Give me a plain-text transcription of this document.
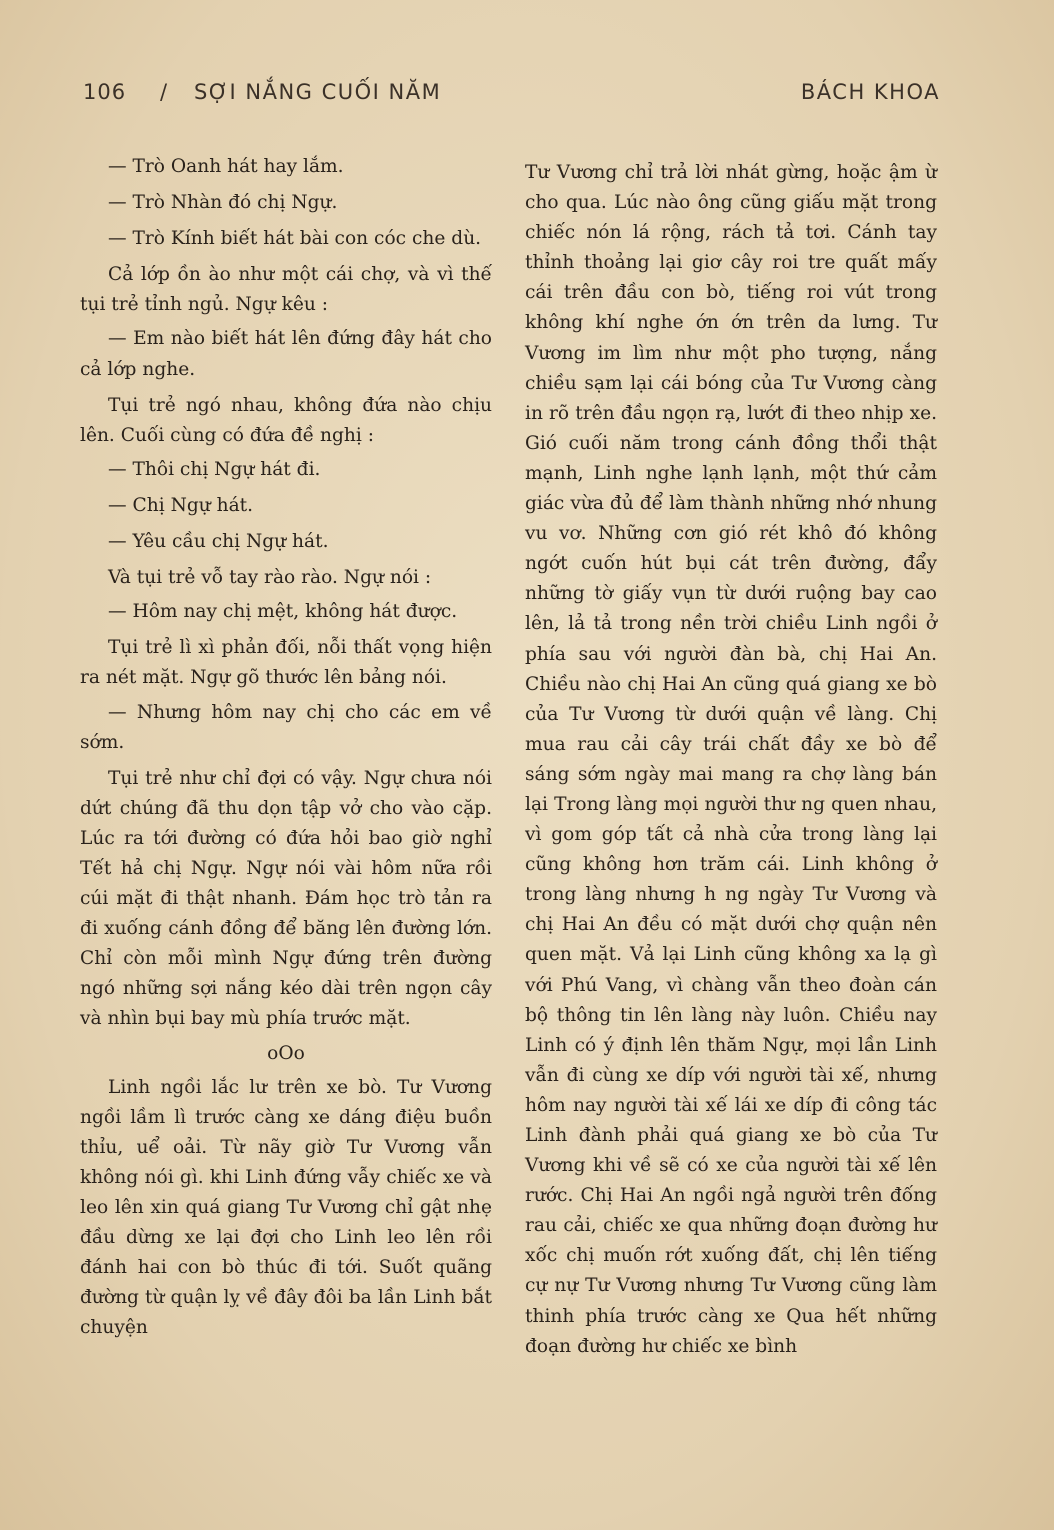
106 / SỢI NẮNG CUỐI NĂM	BÁCH KHOA

— Trò Oanh hát hay lắm.

— Trò Nhàn đó chị Ngự.

— Trò Kính biết hát bài con cóc che dù.

Cả lớp ồn ào như một cái chợ, và vì thế tụi trẻ tỉnh ngủ. Ngự kêu :

— Em nào biết hát lên đứng đây hát cho cả lớp nghe.

Tụi trẻ ngó nhau, không đứa nào chịu lên. Cuối cùng có đứa đề nghị :

— Thôi chị Ngự hát đi.

— Chị Ngự hát.

— Yêu cầu chị Ngự hát.

Và tụi trẻ vỗ tay rào rào. Ngự nói :

— Hôm nay chị mệt, không hát được.

Tụi trẻ lì xì phản đối, nỗi thất vọng hiện ra nét mặt. Ngự gõ thước lên bảng nói.

— Nhưng hôm nay chị cho các em về sớm.

Tụi trẻ như chỉ đợi có vậy. Ngự chưa nói dứt chúng đã thu dọn tập vở cho vào cặp. Lúc ra tới đường có đứa hỏi bao giờ nghỉ Tết hả chị Ngự. Ngự nói vài hôm nữa rồi cúi mặt đi thật nhanh. Đám học trò tản ra đi xuống cánh đồng để băng lên đường lớn. Chỉ còn mỗi mình Ngự đứng trên đường ngó những sợi nắng kéo dài trên ngọn cây và nhìn bụi bay mù phía trước mặt.

oOo

Linh ngồi lắc lư trên xe bò. Tư Vương ngồi lầm lì trước càng xe dáng điệu buồn thỉu, uể oải. Từ nãy giờ Tư Vương vẫn không nói gì. khi Linh đứng vẫy chiếc xe và leo lên xin quá giang Tư Vương chỉ gật nhẹ đầu dừng xe lại đợi cho Linh leo lên rồi đánh hai con bò thúc đi tới. Suốt quãng đường từ quận lỵ về đây đôi ba lần Linh bắt chuyện

Tư Vương chỉ trả lời nhát gừng, hoặc ậm ừ cho qua. Lúc nào ông cũng giấu mặt trong chiếc nón lá rộng, rách tả tơi. Cánh tay thỉnh thoảng lại giơ cây roi tre quất mấy cái trên đầu con bò, tiếng roi vút trong không khí nghe ớn ớn trên da lưng. Tư Vương im lìm như một pho tượng, nắng chiều sạm lại cái bóng của Tư Vương càng in rõ trên đầu ngọn rạ, lướt đi theo nhịp xe. Gió cuối năm trong cánh đồng thổi thật mạnh, Linh nghe lạnh lạnh, một thứ cảm giác vừa đủ để làm thành những nhớ nhung vu vơ. Những cơn gió rét khô đó không ngớt cuốn hút bụi cát trên đường, đẩy những tờ giấy vụn từ dưới ruộng bay cao lên, lả tả trong nền trời chiều Linh ngồi ở phía sau với người đàn bà, chị Hai An. Chiều nào chị Hai An cũng quá giang xe bò của Tư Vương từ dưới quận về làng. Chị mua rau cải cây trái chất đầy xe bò để sáng sớm ngày mai mang ra chợ làng bán lại Trong làng mọi người thư ng quen nhau, vì gom góp tất cả nhà cửa trong làng lại cũng không hơn trăm cái. Linh không ở trong làng nhưng h ng ngày Tư Vương và chị Hai An đều có mặt dưới chợ quận nên quen mặt. Vả lại Linh cũng không xa lạ gì với Phú Vang, vì chàng vẫn theo đoàn cán bộ thông tin lên làng này luôn. Chiều nay Linh có ý định lên thăm Ngự, mọi lần Linh vẫn đi cùng xe díp với người tài xế, nhưng hôm nay người tài xế lái xe díp đi công tác Linh đành phải quá giang xe bò của Tư Vương khi về sẽ có xe của người tài xế lên rước. Chị Hai An ngồi ngả người trên đống rau cải, chiếc xe qua những đoạn đường hư xốc chị muốn rớt xuống đất, chị lên tiếng cự nự Tư Vương nhưng Tư Vương cũng làm thinh phía trước càng xe Qua hết những đoạn đường hư chiếc xe bình
